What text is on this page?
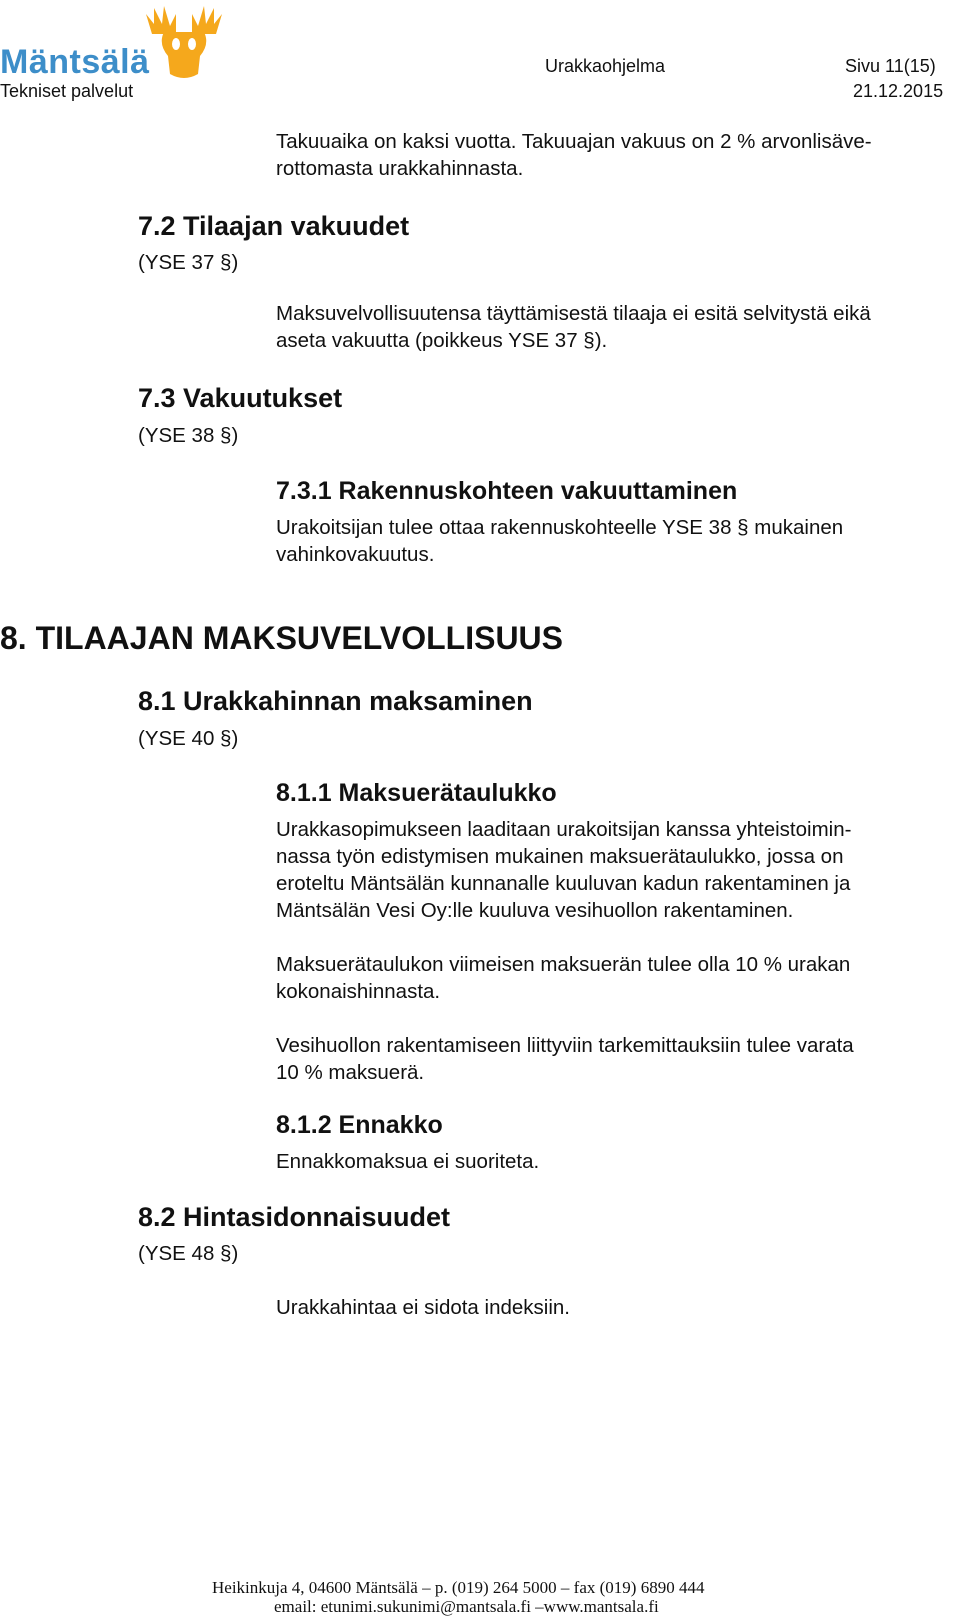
Mäntsälä
Tekniset palvelut
Urakkaohjelma	Sivu 11(15)
21.12.2015
Takuuaika on kaksi vuotta. Takuuajan vakuus on 2 % arvonlisäve-
rottomasta urakkahinnasta.
7.2 Tilaajan vakuudet
(YSE 37 §)
Maksuvelvollisuutensa täyttämisestä tilaaja ei esitä selvitystä eikä
aseta vakuutta (poikkeus YSE 37 §).
7.3 Vakuutukset
(YSE 38 §)
7.3.1 Rakennuskohteen vakuuttaminen
Urakoitsijan tulee ottaa rakennuskohteelle YSE 38 § mukainen
vahinkovakuutus.
8. TILAAJAN MAKSUVELVOLLISUUS
8.1 Urakkahinnan maksaminen
(YSE 40 §)
8.1.1 Maksuerätaulukko
Urakkasopimukseen laaditaan urakoitsijan kanssa yhteistoimin-
nassa työn edistymisen mukainen maksuerätaulukko, jossa on
eroteltu Mäntsälän kunnanalle kuuluvan kadun rakentaminen ja
Mäntsälän Vesi Oy:lle kuuluva vesihuollon rakentaminen.
Maksuerätaulukon viimeisen maksuerän tulee olla 10 % urakan
kokonaishinnasta.
Vesihuollon rakentamiseen liittyviin tarkemittauksiin tulee varata
10 % maksuerä.
8.1.2 Ennakko
Ennakkomaksua ei suoriteta.
8.2 Hintasidonnaisuudet
(YSE 48 §)
Urakkahintaa ei sidota indeksiin.
Heikinkuja 4, 04600 Mäntsälä – p. (019) 264 5000 – fax (019) 6890 444
email: etunimi.sukunimi@mantsala.fi –www.mantsala.fi
